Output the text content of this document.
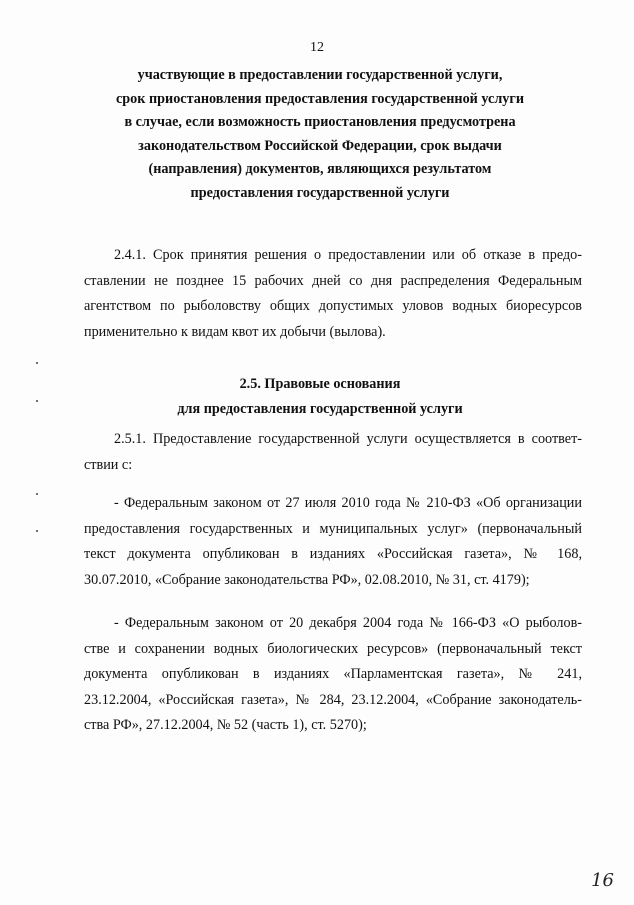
12
участвующие в предоставлении государственной услуги,
срок приостановления предоставления государственной услуги
в случае, если возможность приостановления предусмотрена
законодательством Российской Федерации, срок выдачи
(направления) документов, являющихся результатом
предоставления государственной услуги
2.4.1. Срок принятия решения о предоставлении или об отказе в предо-
ставлении не позднее 15 рабочих дней со дня распределения Федеральным
агентством по рыболовству общих допустимых уловов водных биоресурсов
применительно к видам квот их добычи (вылова).
2.5. Правовые основания
для предоставления государственной услуги
2.5.1. Предоставление государственной услуги осуществляется в соответ-
ствии с:
- Федеральным законом от 27 июля 2010 года № 210-ФЗ «Об организации
предоставления государственных и муниципальных услуг» (первоначальный
текст документа опубликован в изданиях «Российская газета», № 168,
30.07.2010, «Собрание законодательства РФ», 02.08.2010, № 31, ст. 4179);
- Федеральным законом от 20 декабря 2004 года № 166-ФЗ «О рыболов-
стве и сохранении водных биологических ресурсов» (первоначальный текст
документа опубликован в изданиях «Парламентская газета», № 241,
23.12.2004, «Российская газета», № 284, 23.12.2004, «Собрание законодатель-
ства РФ», 27.12.2004, № 52 (часть 1), ст. 5270);
16
